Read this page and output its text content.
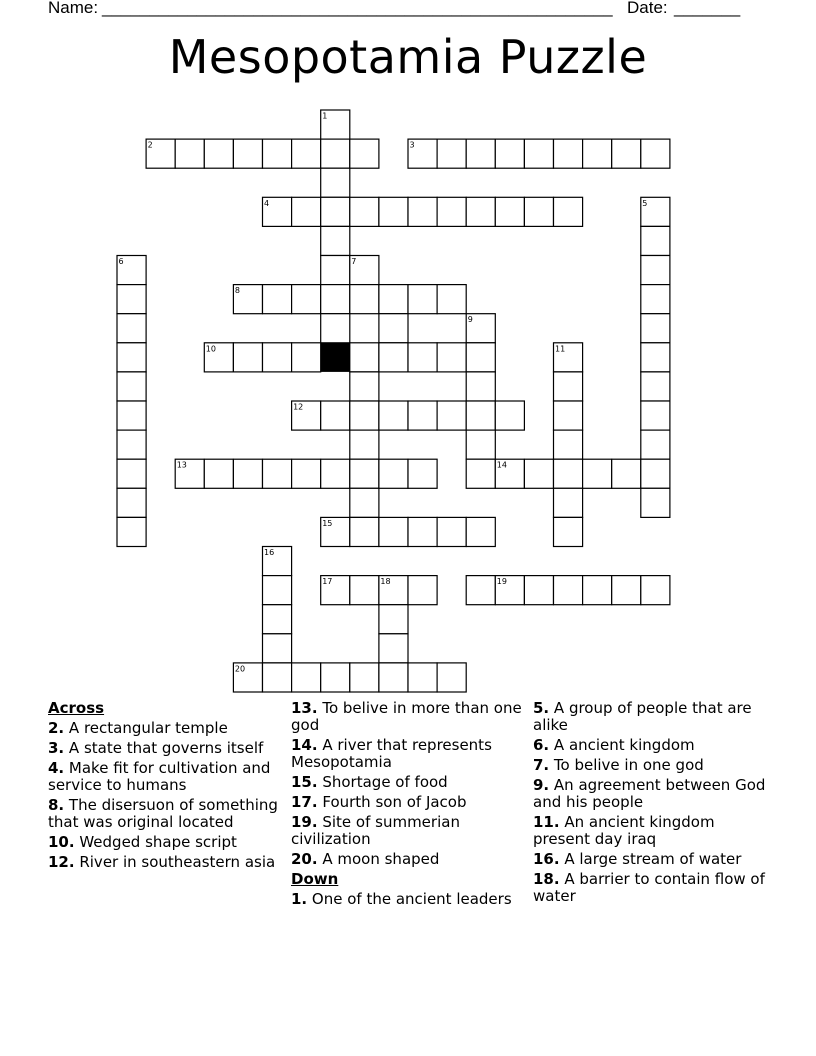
Name: ______________________________________________________ Date: _______
Mesopotamia Puzzle
1
2	3
4	5
6	7
8
9
10	11
12
13	14
15
16
17	18	19
20
Across
2. A rectangular temple
3. A state that governs itself
4. Make fit for cultivation and service to humans
8. The disersuon of something that was original located
10. Wedged shape script
12. River in southeastern asia
13. To belive in more than one god
14. A river that represents Mesopotamia
15. Shortage of food
17. Fourth son of Jacob
19. Site of summerian civilization
20. A moon shaped
Down
1. One of the ancient leaders
5. A group of people that are alike
6. A ancient kingdom
7. To belive in one god
9. An agreement between God and his people
11. An ancient kingdom present day iraq
16. A large stream of water
18. A barrier to contain flow of water
